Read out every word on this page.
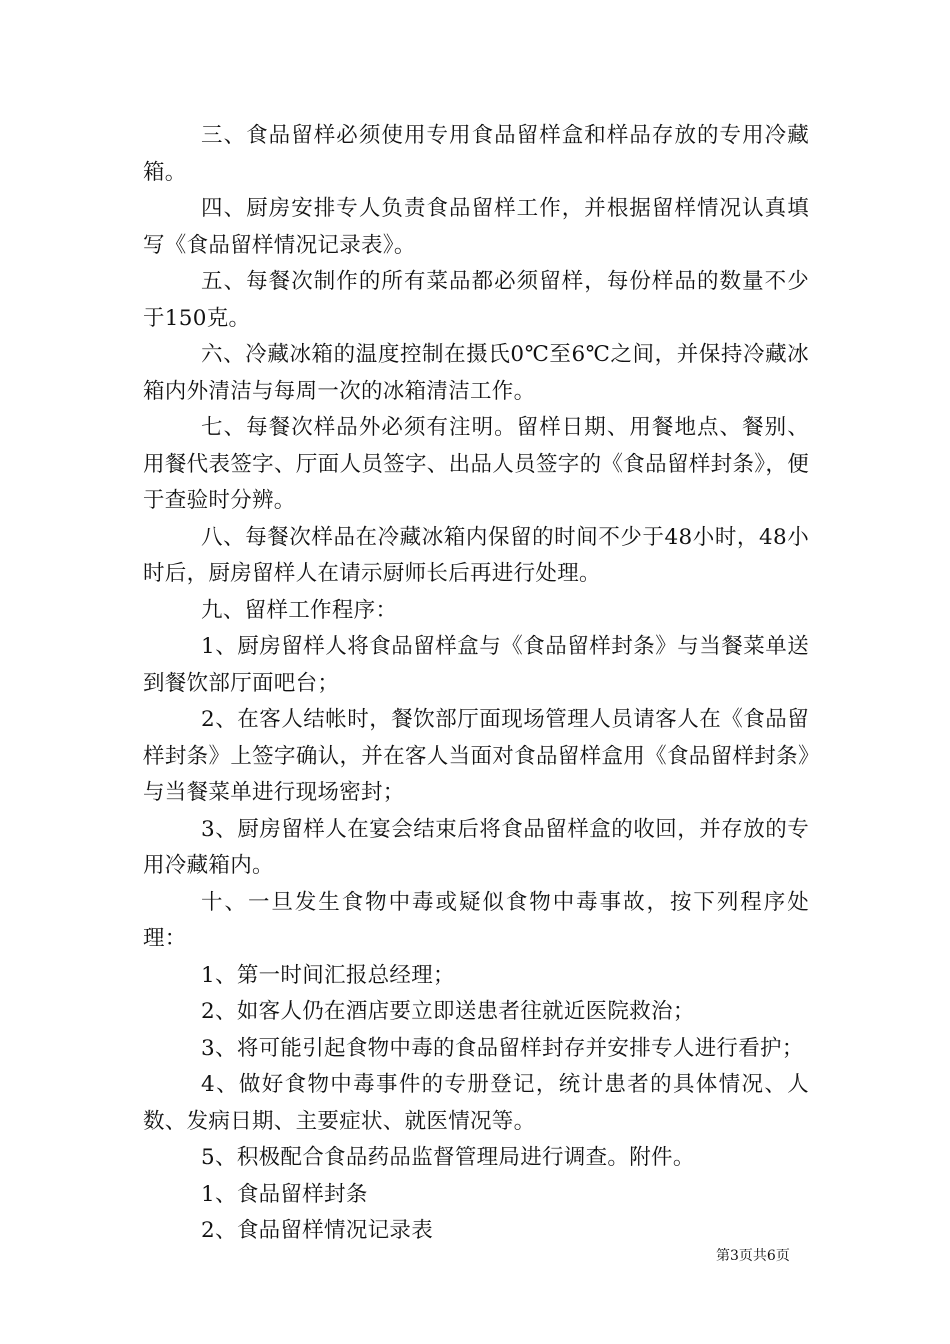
三、食品留样必须使用专用食品留样盒和样品存放的专用冷藏箱。

四、厨房安排专人负责食品留样工作，并根据留样情况认真填写《食品留样情况记录表》。

五、每餐次制作的所有菜品都必须留样，每份样品的数量不少于150克。

六、冷藏冰箱的温度控制在摄氏0℃至6℃之间，并保持冷藏冰箱内外清洁与每周一次的冰箱清洁工作。

七、每餐次样品外必须有注明。留样日期、用餐地点、餐别、用餐代表签字、厅面人员签字、出品人员签字的《食品留样封条》，便于查验时分辨。

八、每餐次样品在冷藏冰箱内保留的时间不少于48小时，48小时后，厨房留样人在请示厨师长后再进行处理。

九、留样工作程序：

1、厨房留样人将食品留样盒与《食品留样封条》与当餐菜单送到餐饮部厅面吧台；

2、在客人结帐时，餐饮部厅面现场管理人员请客人在《食品留样封条》上签字确认，并在客人当面对食品留样盒用《食品留样封条》与当餐菜单进行现场密封；

3、厨房留样人在宴会结束后将食品留样盒的收回，并存放的专用冷藏箱内。

十、一旦发生食物中毒或疑似食物中毒事故，按下列程序处理：

1、第一时间汇报总经理；

2、如客人仍在酒店要立即送患者往就近医院救治；

3、将可能引起食物中毒的食品留样封存并安排专人进行看护；

4、做好食物中毒事件的专册登记，统计患者的具体情况、人数、发病日期、主要症状、就医情况等。

5、积极配合食品药品监督管理局进行调查。附件。

1、食品留样封条

2、食品留样情况记录表

第3页共6页
